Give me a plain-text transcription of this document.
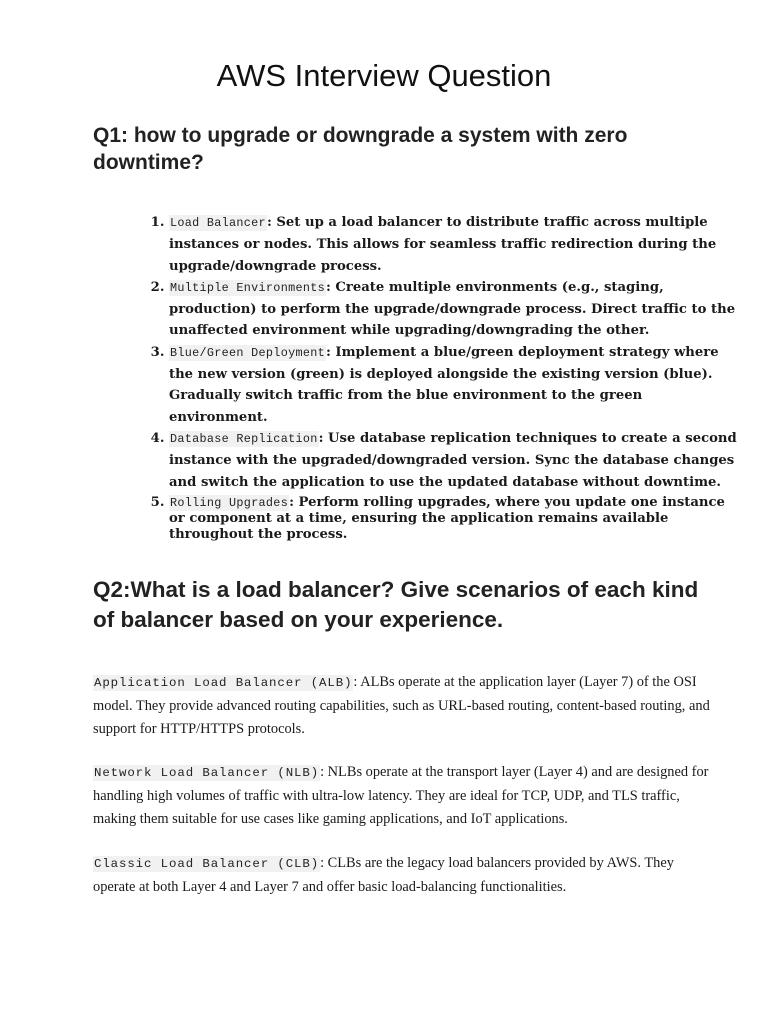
AWS Interview Question
Q1: how to upgrade or downgrade a system with zero downtime?
1. Load Balancer: Set up a load balancer to distribute traffic across multiple instances or nodes. This allows for seamless traffic redirection during the upgrade/downgrade process.
2. Multiple Environments: Create multiple environments (e.g., staging, production) to perform the upgrade/downgrade process. Direct traffic to the unaffected environment while upgrading/downgrading the other.
3. Blue/Green Deployment: Implement a blue/green deployment strategy where the new version (green) is deployed alongside the existing version (blue). Gradually switch traffic from the blue environment to the green environment.
4. Database Replication: Use database replication techniques to create a second instance with the upgraded/downgraded version. Sync the database changes and switch the application to use the updated database without downtime.
5. Rolling Upgrades: Perform rolling upgrades, where you update one instance or component at a time, ensuring the application remains available throughout the process.
Q2:What is a load balancer? Give scenarios of each kind of balancer based on your experience.

Application Load Balancer (ALB): ALBs operate at the application layer (Layer 7) of the OSI model. They provide advanced routing capabilities, such as URL-based routing, content-based routing, and support for HTTP/HTTPS protocols.

Network Load Balancer (NLB): NLBs operate at the transport layer (Layer 4) and are designed for handling high volumes of traffic with ultra-low latency. They are ideal for TCP, UDP, and TLS traffic, making them suitable for use cases like gaming applications, and IoT applications.

Classic Load Balancer (CLB): CLBs are the legacy load balancers provided by AWS. They operate at both Layer 4 and Layer 7 and offer basic load-balancing functionalities.
